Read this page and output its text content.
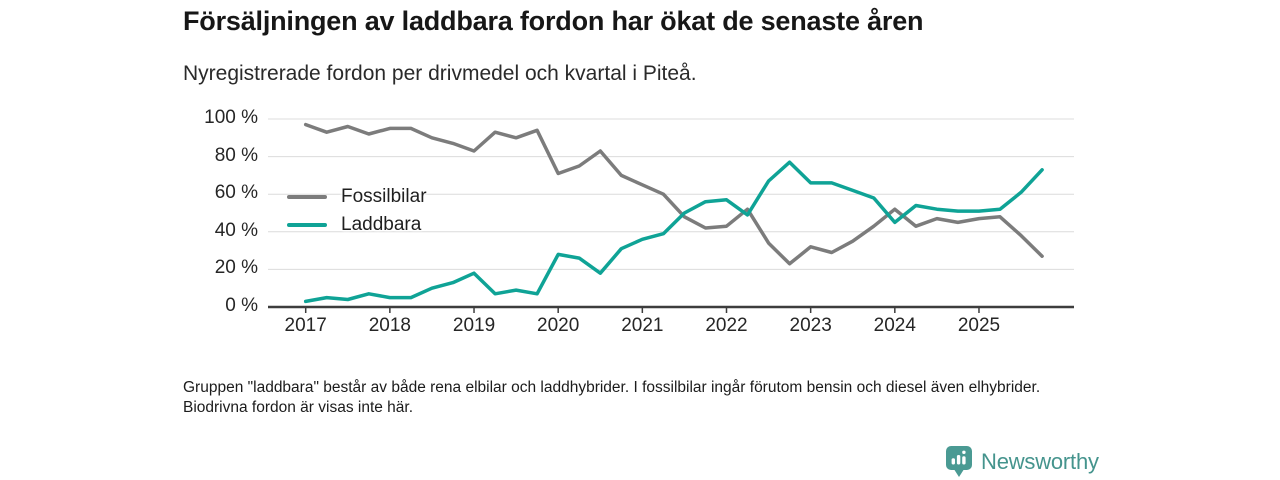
Försäljningen av laddbara fordon har ökat de senaste åren
Nyregistrerade fordon per drivmedel och kvartal i Piteå.
0 %
20 %
40 %
60 %
80 %
100 %
2017	2018	2019	2020	2021	2022	2023	2024	2025
Fossilbilar
Laddbara
Gruppen "laddbara" består av både rena elbilar och laddhybrider. I fossilbilar ingår förutom bensin och diesel även elhybrider. Biodrivna fordon är visas inte här.
Newsworthy
